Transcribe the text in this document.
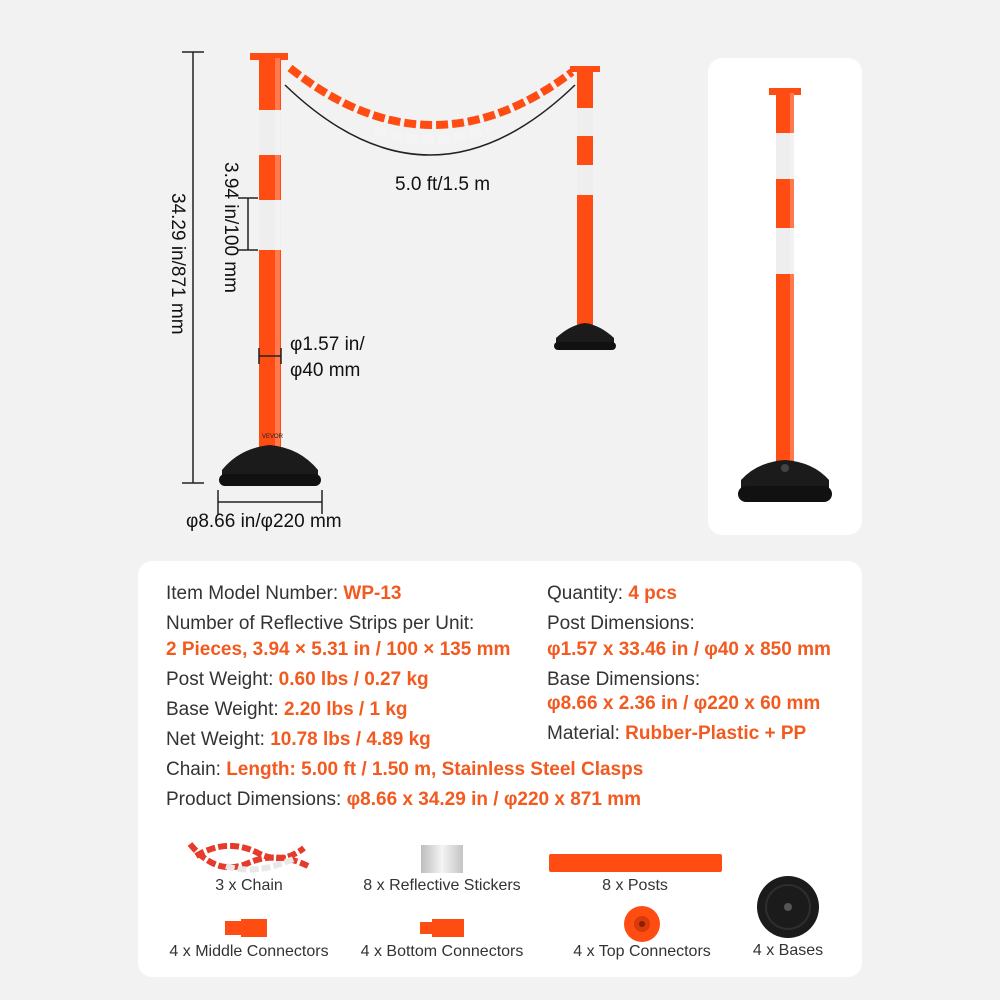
VEVOR
34.29 in/871 mm 3.94 in/100 mm	5.0 ft/1.5 m
φ1.57 in/
φ40 mm
φ8.66 in/φ220 mm
Item Model Number: WP-13
Number of Reflective Strips per Unit:
2 Pieces, 3.94 × 5.31 in / 100 × 135 mm
Post Weight: 0.60 lbs / 0.27 kg
Base Weight: 2.20 lbs / 1 kg
Net Weight: 10.78 lbs / 4.89 kg
Chain: Length: 5.00 ft / 1.50 m, Stainless Steel Clasps
Product Dimensions: φ8.66 x 34.29 in / φ220 x 871 mm
Quantity: 4 pcs
Post Dimensions:
φ1.57 x 33.46 in / φ40 x 850 mm
Base Dimensions:
φ8.66 x 2.36 in / φ220 x 60 mm
Material: Rubber-Plastic + PP
3 x Chain	8 x Reflective Stickers	8 x Posts
4 x Bases
4 x Middle Connectors	4 x Bottom Connectors	4 x Top Connectors
